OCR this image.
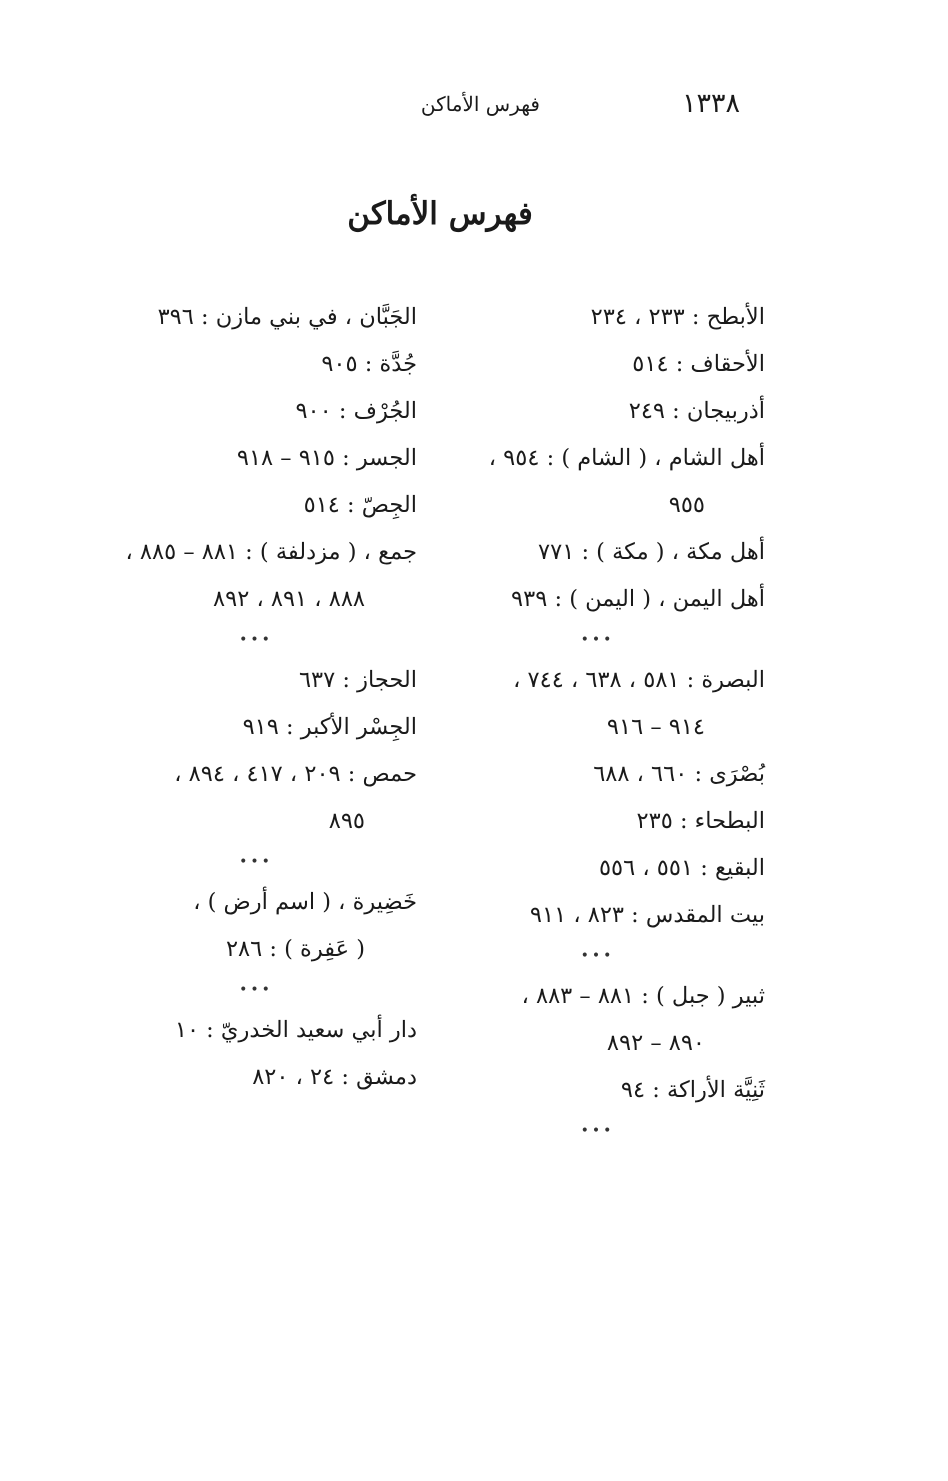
١٣٣٨
فهرس الأماكن
فهرس الأماكن
الأبطح : ٢٣٣ ، ٢٣٤
الأحقاف : ٥١٤
أذربيجان : ٢٤٩
أهل الشام ، ( الشام ) : ٩٥٤ ،
٩٥٥
أهل مكة ، ( مكة ) : ٧٧١
أهل اليمن ، ( اليمن ) : ٩٣٩
•••
البصرة : ٥٨١ ، ٦٣٨ ، ٧٤٤ ،
٩١٤ – ٩١٦
بُصْرَى : ٦٦٠ ، ٦٨٨
البطحاء : ٢٣٥
البقيع : ٥٥١ ، ٥٥٦
بيت المقدس : ٨٢٣ ، ٩١١
•••
ثبير ( جبل ) : ٨٨١ – ٨٨٣ ،
٨٩٠ – ٨٩٢
ثَنِيَّة الأراكة : ٩٤
•••
الجَبَّان ، في بني مازن : ٣٩٦
جُدَّة : ٩٠٥
الجُرْف : ٩٠٠
الجسر : ٩١٥ – ٩١٨
الجِصّ : ٥١٤
جمع ، ( مزدلفة ) : ٨٨١ – ٨٨٥ ،
٨٨٨ ، ٨٩١ ، ٨٩٢
•••
الحجاز : ٦٣٧
الجِسْر الأكبر : ٩١٩
حمص : ٢٠٩ ، ٤١٧ ، ٨٩٤ ،
٨٩٥
•••
خَضِيرة ، ( اسم أرض ) ،
( عَفِرة ) : ٢٨٦
•••
دار أبي سعيد الخدريّ : ١٠
دمشق : ٢٤ ، ٨٢٠
